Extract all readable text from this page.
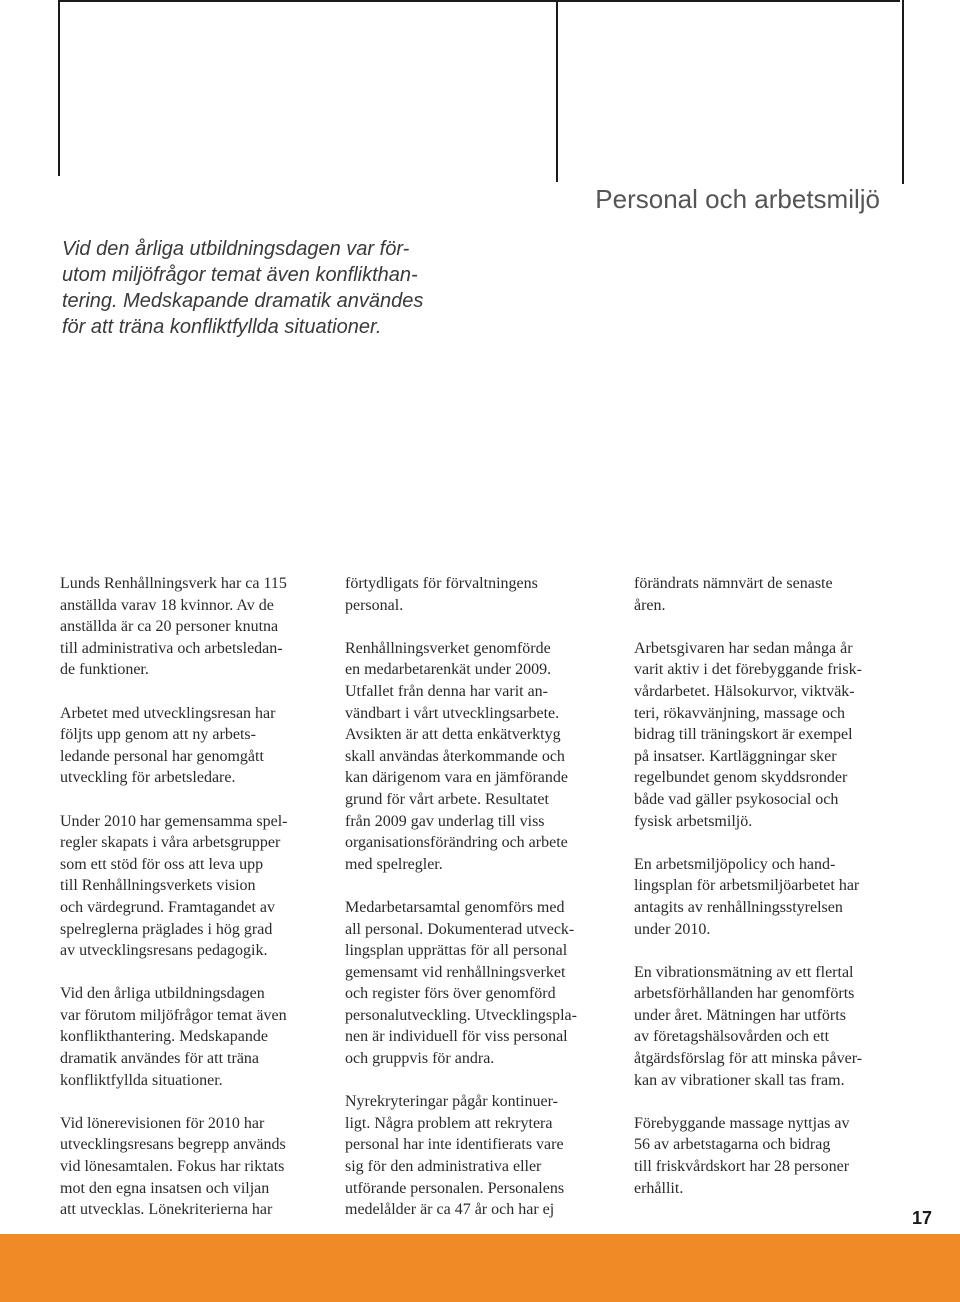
Personal och arbetsmiljö
Vid den årliga utbildningsdagen var för-
utom miljöfrågor temat även konflikthan-
tering. Medskapande dramatik användes
för att träna konfliktfyllda situationer.

Lunds Renhållningsverk har ca 115
anställda varav 18 kvinnor. Av de
anställda är ca 20 personer knutna
till administrativa och arbetsledan-
de funktioner.

Arbetet med utvecklingsresan har
följts upp genom att ny arbets-
ledande personal har genomgått
utveckling för arbetsledare.

Under 2010 har gemensamma spel-
regler skapats i våra arbetsgrupper
som ett stöd för oss att leva upp
till Renhållningsverkets vision
och värdegrund. Framtagandet av
spelreglerna präglades i hög grad
av utvecklingsresans pedagogik.

Vid den årliga utbildningsdagen
var förutom miljöfrågor temat även
konflikthantering. Medskapande
dramatik användes för att träna
konfliktfyllda situationer.

Vid lönerevisionen för 2010 har
utvecklingsresans begrepp används
vid lönesamtalen. Fokus har riktats
mot den egna insatsen och viljan
att utvecklas. Lönekriterierna har

förtydligats för förvaltningens
personal.

Renhållningsverket genomförde
en medarbetarenkät under 2009.
Utfallet från denna har varit an-
vändbart i vårt utvecklingsarbete.
Avsikten är att detta enkätverktyg
skall användas återkommande och
kan därigenom vara en jämförande
grund för vårt arbete. Resultatet
från 2009 gav underlag till viss
organisationsförändring och arbete
med spelregler.

Medarbetarsamtal genomförs med
all personal. Dokumenterad utveck-
lingsplan upprättas för all personal
gemensamt vid renhållningsverket
och register förs över genomförd
personalutveckling. Utvecklingspla-
nen är individuell för viss personal
och gruppvis för andra.

Nyrekryteringar pågår kontinuer-
ligt. Några problem att rekrytera
personal har inte identifierats vare
sig för den administrativa eller
utförande personalen. Personalens
medelålder är ca 47 år och har ej

förändrats nämnvärt de senaste
åren.

Arbetsgivaren har sedan många år
varit aktiv i det förebyggande frisk-
vårdarbetet. Hälsokurvor, viktväk-
teri, rökavvänjning, massage och
bidrag till träningskort är exempel
på insatser. Kartläggningar sker
regelbundet genom skyddsronder
både vad gäller psykosocial och
fysisk arbetsmiljö.

En arbetsmiljöpolicy och hand-
lingsplan för arbetsmiljöarbetet har
antagits av renhållningsstyrelsen
under 2010.

En vibrationsmätning av ett flertal
arbetsförhållanden har genomförts
under året. Mätningen har utförts
av företagshälsovården och ett
åtgärdsförslag för att minska påver-
kan av vibrationer skall tas fram.

Förebyggande massage nyttjas av
56 av arbetstagarna och bidrag
till friskvårdskort har 28 personer
erhållit.

17
